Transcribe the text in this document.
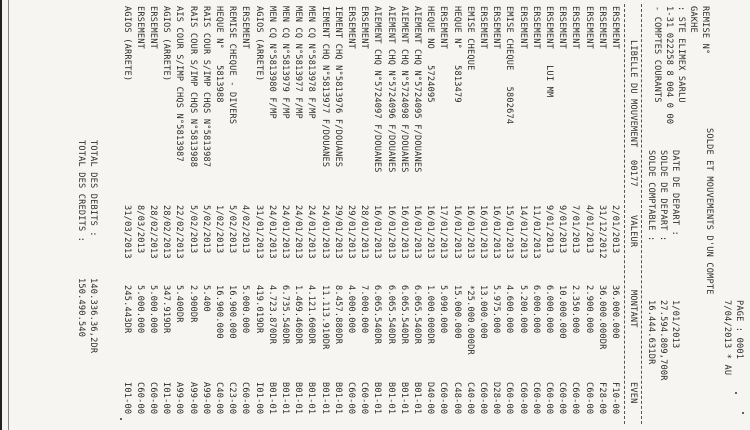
PAGE : 0001
7/04/2013 * AU
SOLDE ET MOUVEMENTS D'UN COMPTE
REMISE N°
GAKHE
: STE ELIMEX SARLU
1-31 022258 8 004 0 00
DATE DE DEPART :
1/01/2013
- COMPTES COURANTS
SOLDE DE DEPART :
27.594.809,700R
SOLDE COMPTABLE :
16.444.631DR
LIBELLE DU MOUVEMENT
00177
VALEUR
MONTANT
EVEN
ERSEMENT
2/01/2013
36.000.000
F10-00
ERSEMENT
31/12/2012
36.000.000DR
F28-00
ERSEMENT
4/01/2013
2.900.000
C60-00
ERSEMENT
7/01/2013
2.350.000
C60-00
ERSEMENT
9/01/2013
10.000.000
C60-00
ERSEMENT   LUI MM
9/01/2013
6.000.000
C60-00
ERSEMENT
11/01/2013
6.000.000
C60-00
ERSEMENT
14/01/2013
5.200.000
C60-00
EMISE CHEQUE   5802674
15/01/2013
4.600.000
C60-00
ERSEMENT
16/01/2013
5.975.000
D28-00
ERSEMENT
16/01/2013
13.000.000
C60-00
EMISE CHEQUE
16/01/2013
*25.000.000DR
C40-00
HEQUE N°   5813479
16/01/2013
15.000.000
C48-00
ERSEMENT
17/01/2013
5.090.000
C60-00
HEQUE NO   5724095
16/01/2013
1.000.000DR
D40-00
AIEMENT CHQ N°5724095 F/DOUANES
16/01/2013
6.065.540DR
B01-01
AIEMENT CHQ N°5724098 F/DOUANES
16/01/2013
6.065.540DR
B01-01
AIEMENT CHQ N°5724096 F/DOUANES
16/01/2013
6.065.540DR
B01-01
AIEMENT CHQ N°5724097 F/DOUANES
16/01/2013
6.065.540DR
B01-01
ERSEMENT
28/01/2013
7.000.000
C60-00
ERSEMENT
29/01/2013
4.000.000
C60-00
IEMENT CHQ N°5813976 F/DOUANES
29/01/2013
8.457.880DR
B01-01
IEMENT CHQ N°5813977 F/DOUANES
24/01/2013
11.113.910DR
B01-01
MEN CQ N°5813978 F/MP
24/01/2013
4.121.600DR
B01-01
MEN CQ N°5813977 F/MP
24/01/2013
1.469.460DR
B01-01
MEN CQ N°5813979 F/MP
24/01/2013
6.735.540DR
B01-01
MEN CQ N°5813980 F/MP
24/01/2013
4.723.870DR
B01-01
AGIOS (ARRETE)
31/01/2013
419.019DR
I01-00
ERSEMENT
4/02/2013
5.000.000
C60-00
REMISE CHEQUE - DIVERS
5/02/2013
16.900.000
C23-00
HEQUE N°   5813988
1/02/2013
16.900.000
C40-00
RAIS COUR S/IMP CHQS N°5813987
5/02/2013
5.400
A99-00
RAIS COUR S/IMP CHQS N°5813988
5/02/2013
2.900DR
A99-00
AIS COUR S/IMP CHQS N°5813987
22/02/2013
5.400DR
A99-00
AGIOS (ARRETE)
28/02/2013
347.919DR
I01-00
ERSEMENT
28/02/2013
5.000.000
C60-00
ERSEMENT
8/03/2013
5.000.000
C60-00
AGIOS (ARRETE)
31/03/2013
245.443DR
I01-00
TOTAL DES DEBITS :
140.336.36,2DR
TOTAL DES CREDITS :
150.490.540
